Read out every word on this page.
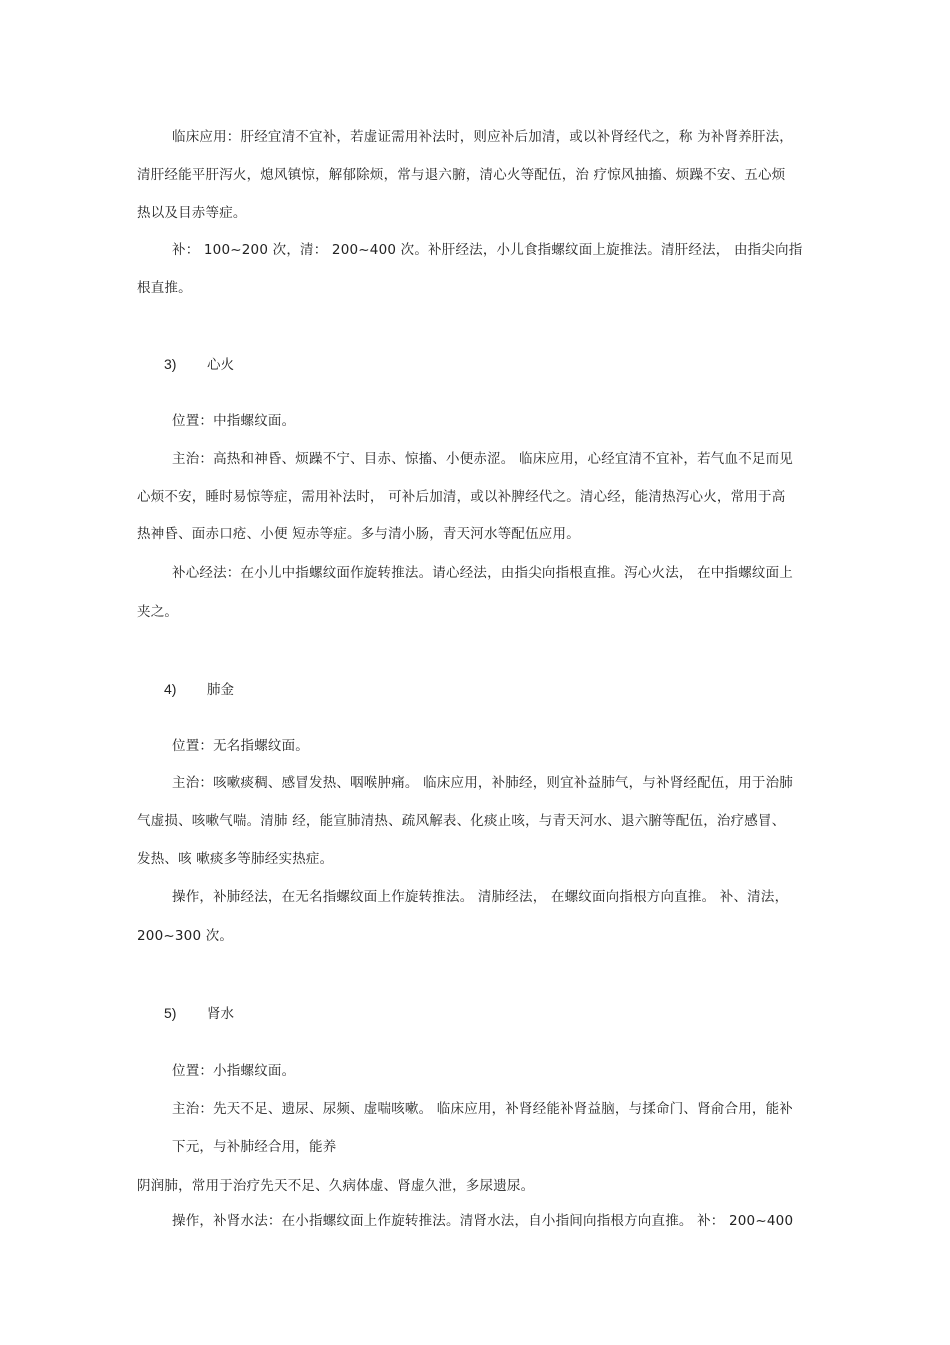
临床应用：肝经宜清不宜补，若虚证需用补法时，则应补后加清，或以补肾经代之，称 为补肾养肝法，
清肝经能平肝泻火，熄风镇惊，解郁除烦，常与退六腑，清心火等配伍，治 疗惊风抽搐、烦躁不安、五心烦
热以及目赤等症。
补： 100~200 次，清： 200~400 次。补肝经法，小儿食指螺纹面上旋推法。清肝经法， 由指尖向指
根直推。
3) 心火
位置：中指螺纹面。
主治：高热和神昏、烦躁不宁、目赤、惊搐、小便赤涩。 临床应用，心经宜清不宜补，若气血不足而见
心烦不安，睡时易惊等症，需用补法时， 可补后加清，或以补脾经代之。清心经，能清热泻心火，常用于高
热神昏、面赤口疮、小便 短赤等症。多与清小肠，青天河水等配伍应用。
补心经法：在小儿中指螺纹面作旋转推法。请心经法，由指尖向指根直推。泻心火法， 在中指螺纹面上
夹之。
4) 肺金
位置：无名指螺纹面。
主治：咳嗽痰稠、感冒发热、咽喉肿痛。 临床应用，补肺经，则宜补益肺气，与补肾经配伍，用于治肺
气虚损、咳嗽气喘。清肺 经，能宣肺清热、疏风解表、化痰止咳，与青天河水、退六腑等配伍，治疗感冒、
发热、咳 嗽痰多等肺经实热症。
操作，补肺经法，在无名指螺纹面上作旋转推法。 清肺经法， 在螺纹面向指根方向直推。 补、清法，
200~300 次。
5) 肾水
位置：小指螺纹面。
主治：先天不足、遗尿、尿频、虚喘咳嗽。 临床应用，补肾经能补肾益脑，与揉命门、肾俞合用，能补
下元，与补肺经合用，能养
阴润肺，常用于治疗先天不足、久病体虚、肾虚久泄，多尿遗尿。
操作，补肾水法：在小指螺纹面上作旋转推法。清肾水法，自小指间向指根方向直推。 补： 200~400
